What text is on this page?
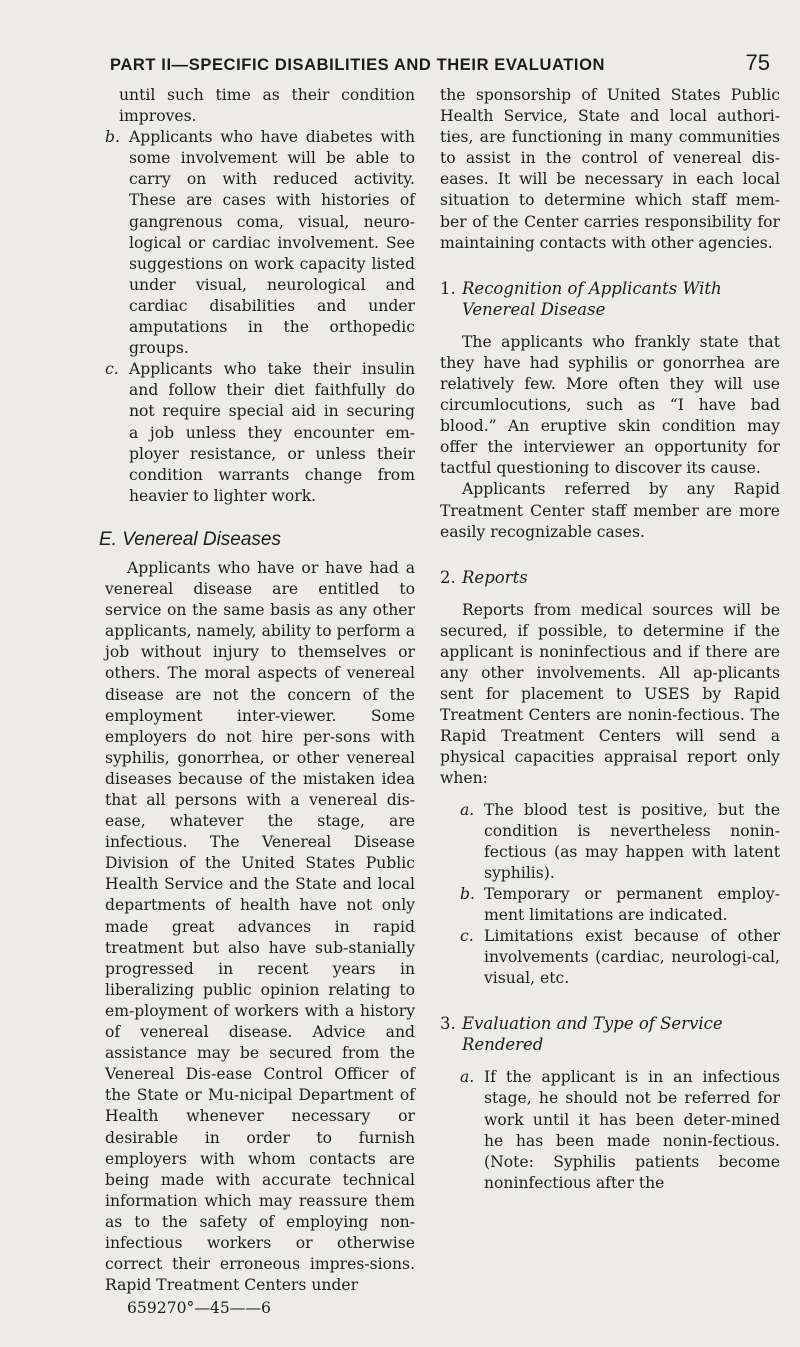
PART II—SPECIFIC DISABILITIES AND THEIR EVALUATION	75

until such time as their condition improves.

b. Applicants who have diabetes with some involvement will be able to carry on with reduced activity. These are cases with histories of gangrenous coma, visual, neuro-logical or cardiac involvement. See suggestions on work capacity listed under visual, neurological and cardiac disabilities and under amputations in the orthopedic groups.
c. Applicants who take their insulin and follow their diet faithfully do not require special aid in securing a job unless they encounter em-ployer resistance, or unless their condition warrants change from heavier to lighter work.
E. Venereal Diseases

Applicants who have or have had a venereal disease are entitled to service on the same basis as any other applicants, namely, ability to perform a job without injury to themselves or others. The moral aspects of venereal disease are not the concern of the employment inter-viewer. Some employers do not hire per-sons with syphilis, gonorrhea, or other venereal diseases because of the mistaken idea that all persons with a venereal dis-ease, whatever the stage, are infectious. The Venereal Disease Division of the United States Public Health Service and the State and local departments of health have not only made great advances in rapid treatment but also have sub-stanially progressed in recent years in liberalizing public opinion relating to em-ployment of workers with a history of venereal disease. Advice and assistance may be secured from the Venereal Dis-ease Control Officer of the State or Mu-nicipal Department of Health whenever necessary or desirable in order to furnish employers with whom contacts are being made with accurate technical information which may reassure them as to the safety of employing non-infectious workers or otherwise correct their erroneous impres-sions. Rapid Treatment Centers under

659270°—45——6

the sponsorship of United States Public Health Service, State and local authori-ties, are functioning in many communities to assist in the control of venereal dis-eases. It will be necessary in each local situation to determine which staff mem-ber of the Center carries responsibility for maintaining contacts with other agencies.

1. Recognition of Applicants With Venereal Disease

The applicants who frankly state that they have had syphilis or gonorrhea are relatively few. More often they will use circumlocutions, such as “I have bad blood.” An eruptive skin condition may offer the interviewer an opportunity for tactful questioning to discover its cause.

Applicants referred by any Rapid Treatment Center staff member are more easily recognizable cases.

2. Reports

Reports from medical sources will be secured, if possible, to determine if the applicant is noninfectious and if there are any other involvements. All ap-plicants sent for placement to USES by Rapid Treatment Centers are nonin-fectious. The Rapid Treatment Centers will send a physical capacities appraisal report only when:

a. The blood test is positive, but the condition is nevertheless nonin-fectious (as may happen with latent syphilis).
b. Temporary or permanent employ-ment limitations are indicated.
c. Limitations exist because of other involvements (cardiac, neurologi-cal, visual, etc.
3. Evaluation and Type of Service Rendered
a. If the applicant is in an infectious stage, he should not be referred for work until it has been deter-mined he has been made nonin-fectious. (Note: Syphilis patients become noninfectious after the
